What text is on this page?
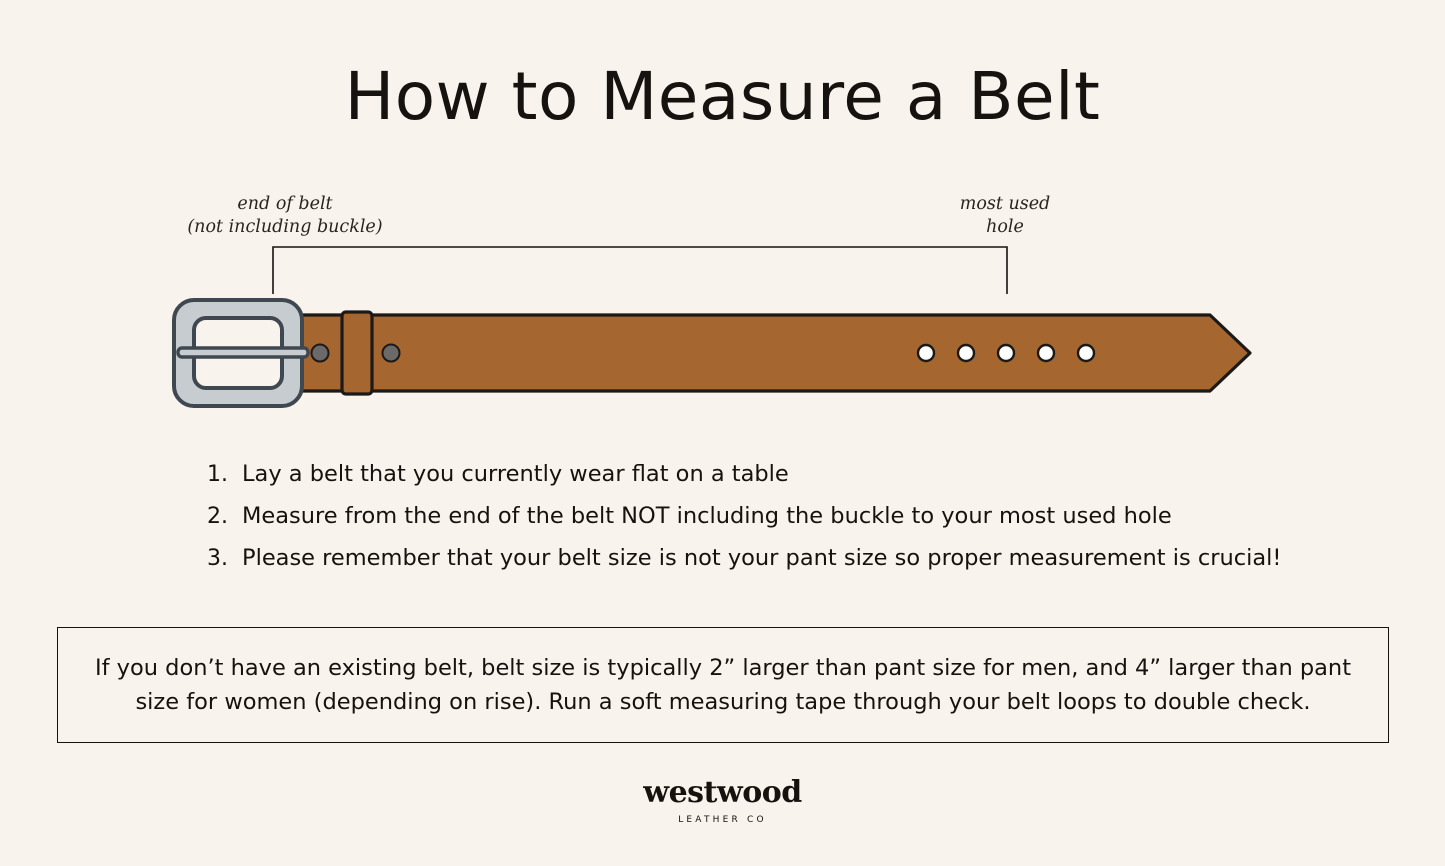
How to Measure a Belt
end of belt
(not including buckle)
most used
hole
1. Lay a belt that you currently wear flat on a table
2. Measure from the end of the belt NOT including the buckle to your most used hole
3. Please remember that your belt size is not your pant size so proper measurement is crucial!
If you don’t have an existing belt, belt size is typically 2” larger than pant size for men, and 4” larger than pant size for women (depending on rise). Run a soft measuring tape through your belt loops to double check.
westwood
LEATHER CO
